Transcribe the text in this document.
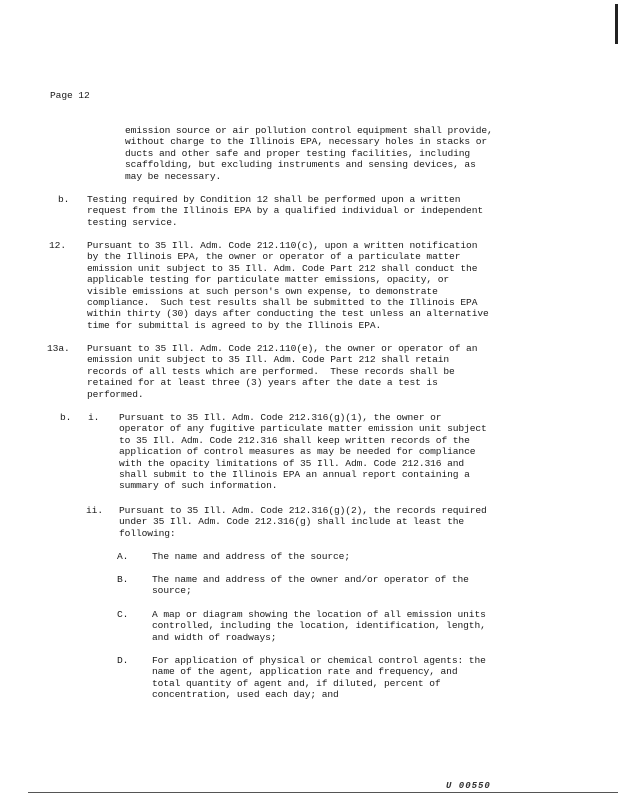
Page 12
emission source or air pollution control equipment shall provide,
without charge to the Illinois EPA, necessary holes in stacks or
ducts and other safe and proper testing facilities, including
scaffolding, but excluding instruments and sensing devices, as
may be necessary.
b. Testing required by Condition 12 shall be performed upon a written
request from the Illinois EPA by a qualified individual or independent
testing service.
12. Pursuant to 35 Ill. Adm. Code 212.110(c), upon a written notification
by the Illinois EPA, the owner or operator of a particulate matter
emission unit subject to 35 Ill. Adm. Code Part 212 shall conduct the
applicable testing for particulate matter emissions, opacity, or
visible emissions at such person's own expense, to demonstrate
compliance.  Such test results shall be submitted to the Illinois EPA
within thirty (30) days after conducting the test unless an alternative
time for submittal is agreed to by the Illinois EPA.
13a. Pursuant to 35 Ill. Adm. Code 212.110(e), the owner or operator of an
emission unit subject to 35 Ill. Adm. Code Part 212 shall retain
records of all tests which are performed.  These records shall be
retained for at least three (3) years after the date a test is
performed.
b. i. Pursuant to 35 Ill. Adm. Code 212.316(g)(1), the owner or
operator of any fugitive particulate matter emission unit subject
to 35 Ill. Adm. Code 212.316 shall keep written records of the
application of control measures as may be needed for compliance
with the opacity limitations of 35 Ill. Adm. Code 212.316 and
shall submit to the Illinois EPA an annual report containing a
summary of such information.
ii. Pursuant to 35 Ill. Adm. Code 212.316(g)(2), the records required
under 35 Ill. Adm. Code 212.316(g) shall include at least the
following:
A. The name and address of the source;
B. The name and address of the owner and/or operator of the
source;
C. A map or diagram showing the location of all emission units
controlled, including the location, identification, length,
and width of roadways;
D. For application of physical or chemical control agents: the
name of the agent, application rate and frequency, and
total quantity of agent and, if diluted, percent of
concentration, used each day; and
U 00550
